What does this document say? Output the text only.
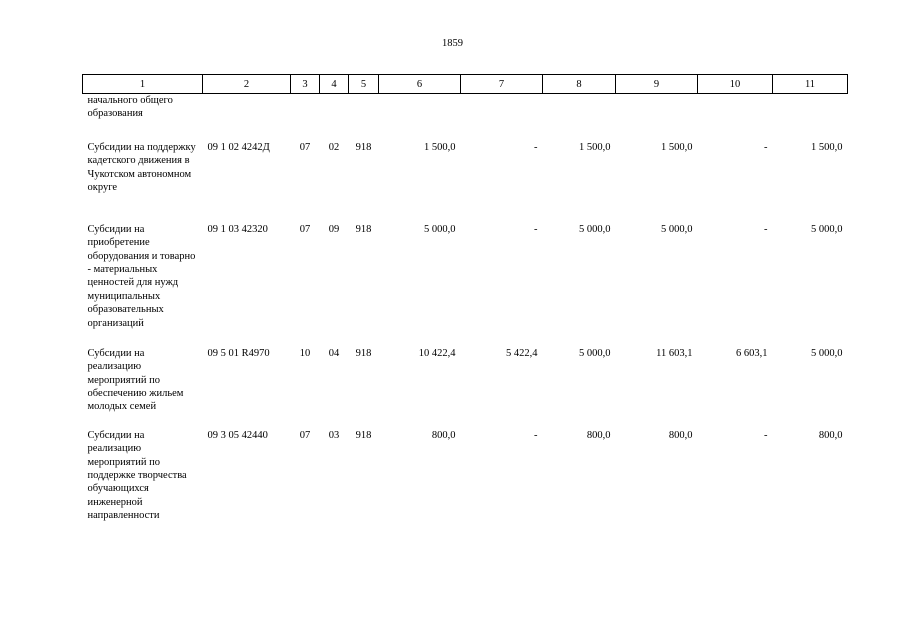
1859
1	2	3	4	5	6	7	8	9	10	11
начального общего образования										
Субсидии на поддержку кадетского движения в Чукотском автономном округе	09 1 02 4242Д	07	02	918	1 500,0	-	1 500,0	1 500,0	-	1 500,0
Субсидии на приобретение оборудования и товарно - материальных ценностей для нужд муниципальных образовательных организаций	09 1 03 42320	07	09	918	5 000,0	-	5 000,0	5 000,0	-	5 000,0
Субсидии на реализацию мероприятий по обеспечению жильем молодых семей	09 5 01 R4970	10	04	918	10 422,4	5 422,4	5 000,0	11 603,1	6 603,1	5 000,0
Субсидии на реализацию мероприятий по поддержке творчества обучающихся инженерной направленности	09 3 05 42440	07	03	918	800,0	-	800,0	800,0	-	800,0
